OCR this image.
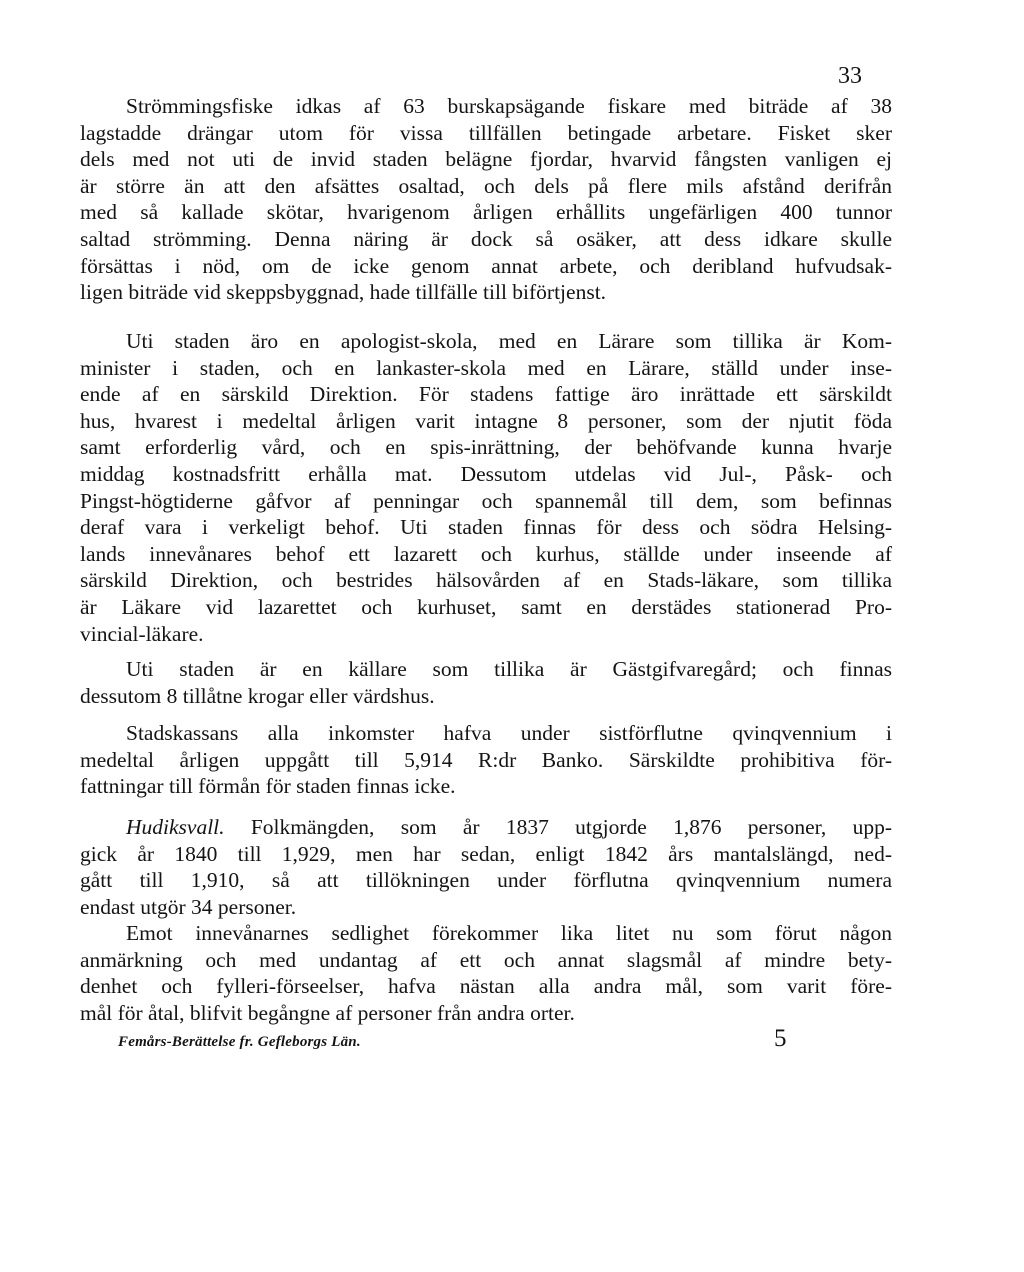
33
Strömmingsfiske idkas af 63 burskapsägande fiskare med biträde af 38
lagstadde drängar utom för vissa tillfällen betingade arbetare. Fisket sker
dels med not uti de invid staden belägne fjordar, hvarvid fångsten vanligen ej
är större än att den afsättes osaltad, och dels på flere mils afstånd derifrån
med så kallade skötar, hvarigenom årligen erhållits ungefärligen 400 tunnor
saltad strömming. Denna näring är dock så osäker, att dess idkare skulle
försättas i nöd, om de icke genom annat arbete, och deribland hufvudsak-
ligen biträde vid skeppsbyggnad, hade tillfälle till biförtjenst.
Uti staden äro en apologist-skola, med en Lärare som tillika är Kom-
minister i staden, och en lankaster-skola med en Lärare, ställd under inse-
ende af en särskild Direktion. För stadens fattige äro inrättade ett särskildt
hus, hvarest i medeltal årligen varit intagne 8 personer, som der njutit föda
samt erforderlig vård, och en spis-inrättning, der behöfvande kunna hvarje
middag kostnadsfritt erhålla mat. Dessutom utdelas vid Jul-, Påsk- och
Pingst-högtiderne gåfvor af penningar och spannemål till dem, som befinnas
deraf vara i verkeligt behof. Uti staden finnas för dess och södra Helsing-
lands innevånares behof ett lazarett och kurhus, ställde under inseende af
särskild Direktion, och bestrides hälsovården af en Stads-läkare, som tillika
är Läkare vid lazarettet och kurhuset, samt en derstädes stationerad Pro-
vincial-läkare.
Uti staden är en källare som tillika är Gästgifvaregård; och finnas
dessutom 8 tillåtne krogar eller värdshus.
Stadskassans alla inkomster hafva under sistförflutne qvinqvennium i
medeltal årligen uppgått till 5,914 R:dr Banko. Särskildte prohibitiva för-
fattningar till förmån för staden finnas icke.
Hudiksvall. Folkmängden, som år 1837 utgjorde 1,876 personer, upp-
gick år 1840 till 1,929, men har sedan, enligt 1842 års mantalslängd, ned-
gått till 1,910, så att tillökningen under förflutna qvinqvennium numera
endast utgör 34 personer.
Emot innevånarnes sedlighet förekommer lika litet nu som förut någon
anmärkning och med undantag af ett och annat slagsmål af mindre bety-
denhet och fylleri-förseelser, hafva nästan alla andra mål, som varit före-
mål för åtal, blifvit begångne af personer från andra orter.
Femårs-Berättelse fr. Gefleborgs Län.	5
